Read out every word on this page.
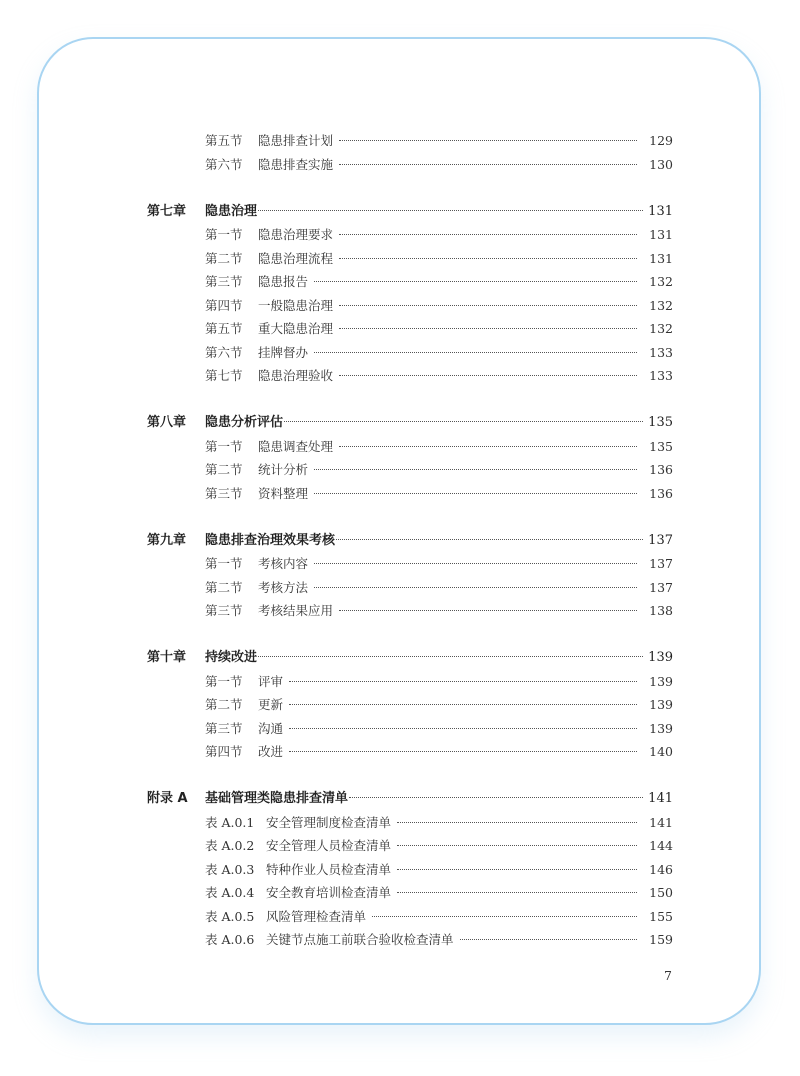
第五节	隐患排查计划	129
第六节	隐患排查实施	130
第七章	隐患治理	131
第一节	隐患治理要求	131
第二节	隐患治理流程	131
第三节	隐患报告	132
第四节	一般隐患治理	132
第五节	重大隐患治理	132
第六节	挂牌督办	133
第七节	隐患治理验收	133
第八章	隐患分析评估	135
第一节	隐患调查处理	135
第二节	统计分析	136
第三节	资料整理	136
第九章	隐患排查治理效果考核	137
第一节	考核内容	137
第二节	考核方法	137
第三节	考核结果应用	138
第十章	持续改进	139
第一节	评审	139
第二节	更新	139
第三节	沟通	139
第四节	改进	140
附录 A	基础管理类隐患排查清单	141
表 A.0.1 安全管理制度检查清单	141
表 A.0.2 安全管理人员检查清单	144
表 A.0.3 特种作业人员检查清单	146
表 A.0.4 安全教育培训检查清单	150
表 A.0.5 风险管理检查清单	155
表 A.0.6 关键节点施工前联合验收检查清单	159
7
